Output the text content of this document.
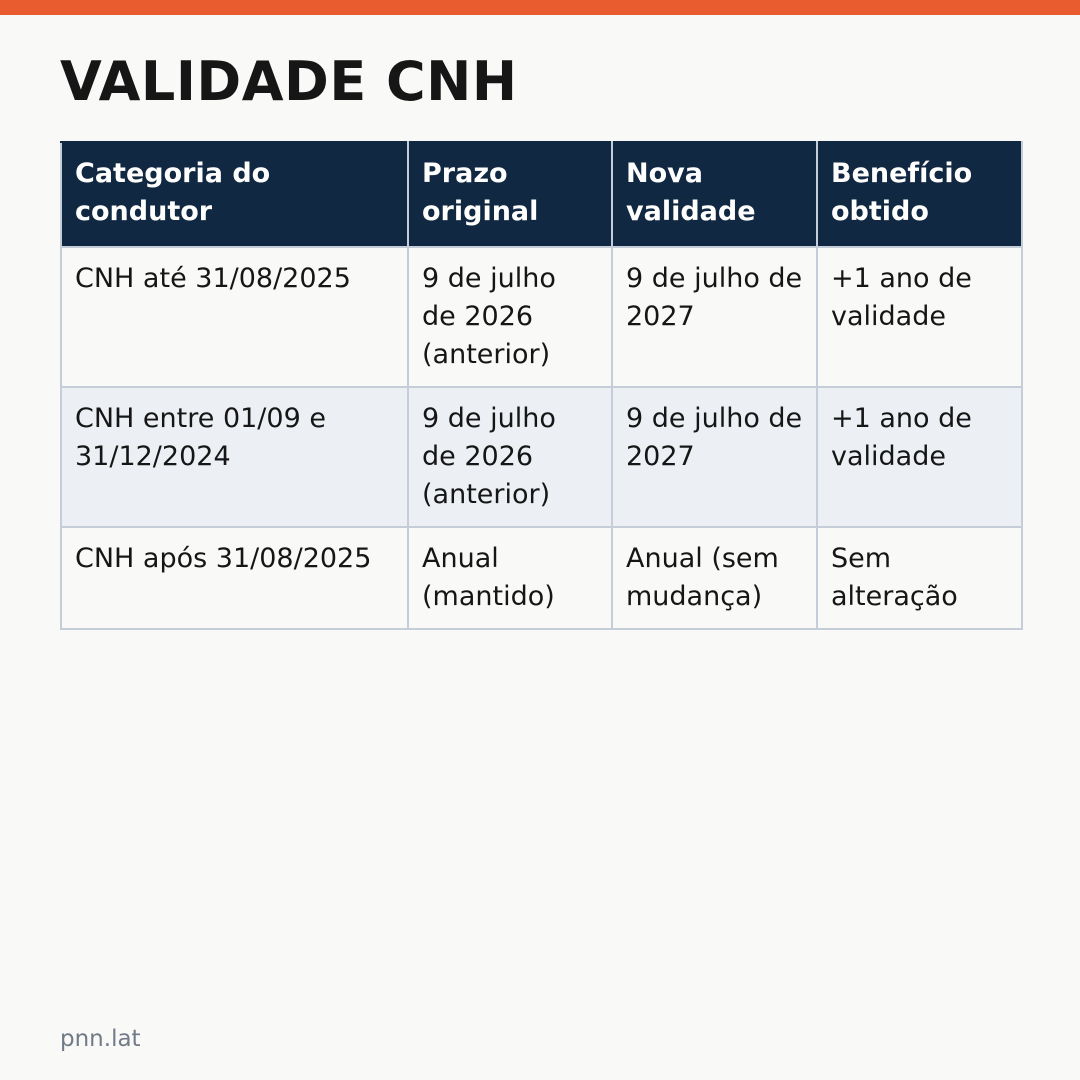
VALIDADE CNH
Categoria do condutor	Prazo original	Nova validade	Benefício obtido
CNH até 31/08/2025	9 de julho de 2026 (anterior)	9 de julho de 2027	+1 ano de validade
CNH entre 01/09 e 31/12/2024	9 de julho de 2026 (anterior)	9 de julho de 2027	+1 ano de validade
CNH após 31/08/2025	Anual (mantido)	Anual (sem mudança)	Sem alteração
pnn.lat
